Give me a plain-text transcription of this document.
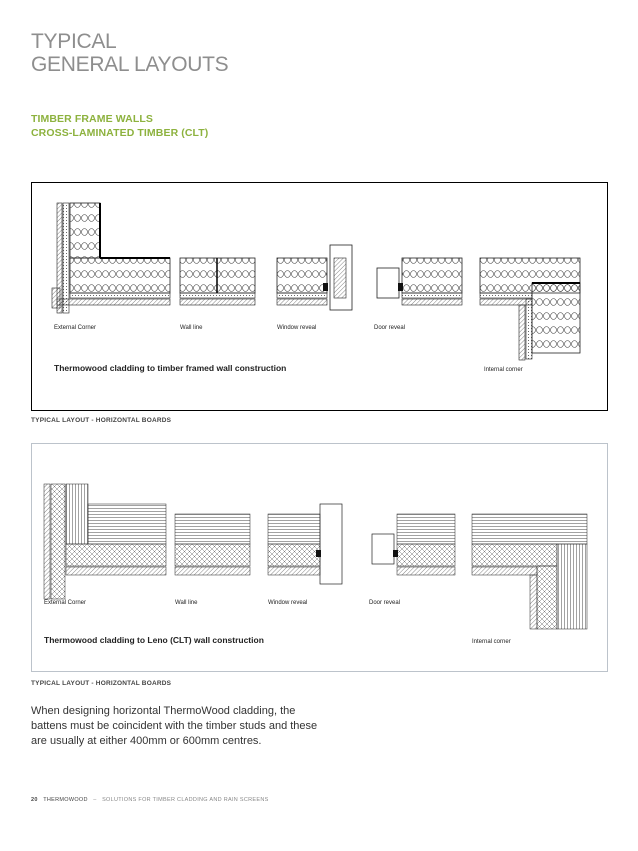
TYPICAL
GENERAL LAYOUTS
TIMBER FRAME WALLS
CROSS-LAMINATED TIMBER (CLT)
External Corner	Wall line	Window reveal	Door reveal
Internal corner
Thermowood cladding to timber framed wall construction
TYPICAL LAYOUT - HORIZONTAL BOARDS
External Corner	Wall line	Window reveal	Door reveal
Internal corner
Thermowood cladding to Leno (CLT) wall construction
TYPICAL LAYOUT - HORIZONTAL BOARDS
When designing horizontal ThermoWood cladding, the battens must be coincident with the timber studs and these are usually at either 400mm or 600mm centres.
20 THERMOWOOD – SOLUTIONS FOR TIMBER CLADDING AND RAIN SCREENS
